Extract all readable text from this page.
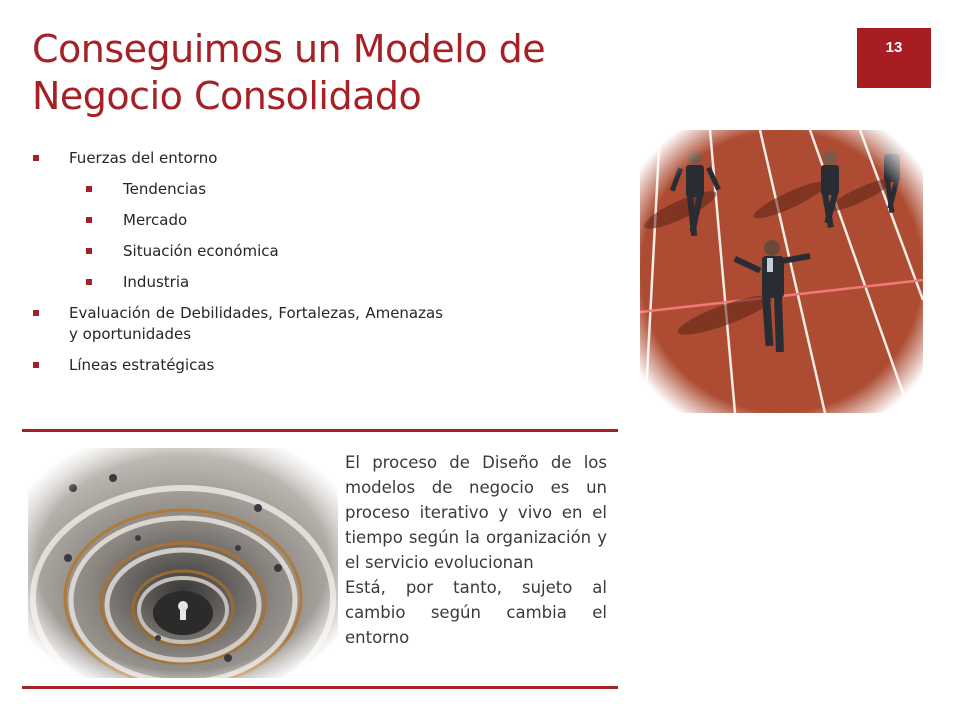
Conseguimos un Modelo de
Negocio Consolidado
13
Fuerzas del entorno
Tendencias
Mercado
Situación económica
Industria
Evaluación de Debilidades, Fortalezas, Amenazas y oportunidades
Líneas estratégicas

El proceso de Diseño de los modelos de negocio es un proceso iterativo y vivo en el tiempo según la organización y el servicio evolucionan

Está, por tanto, sujeto al cambio según cambia el entorno
